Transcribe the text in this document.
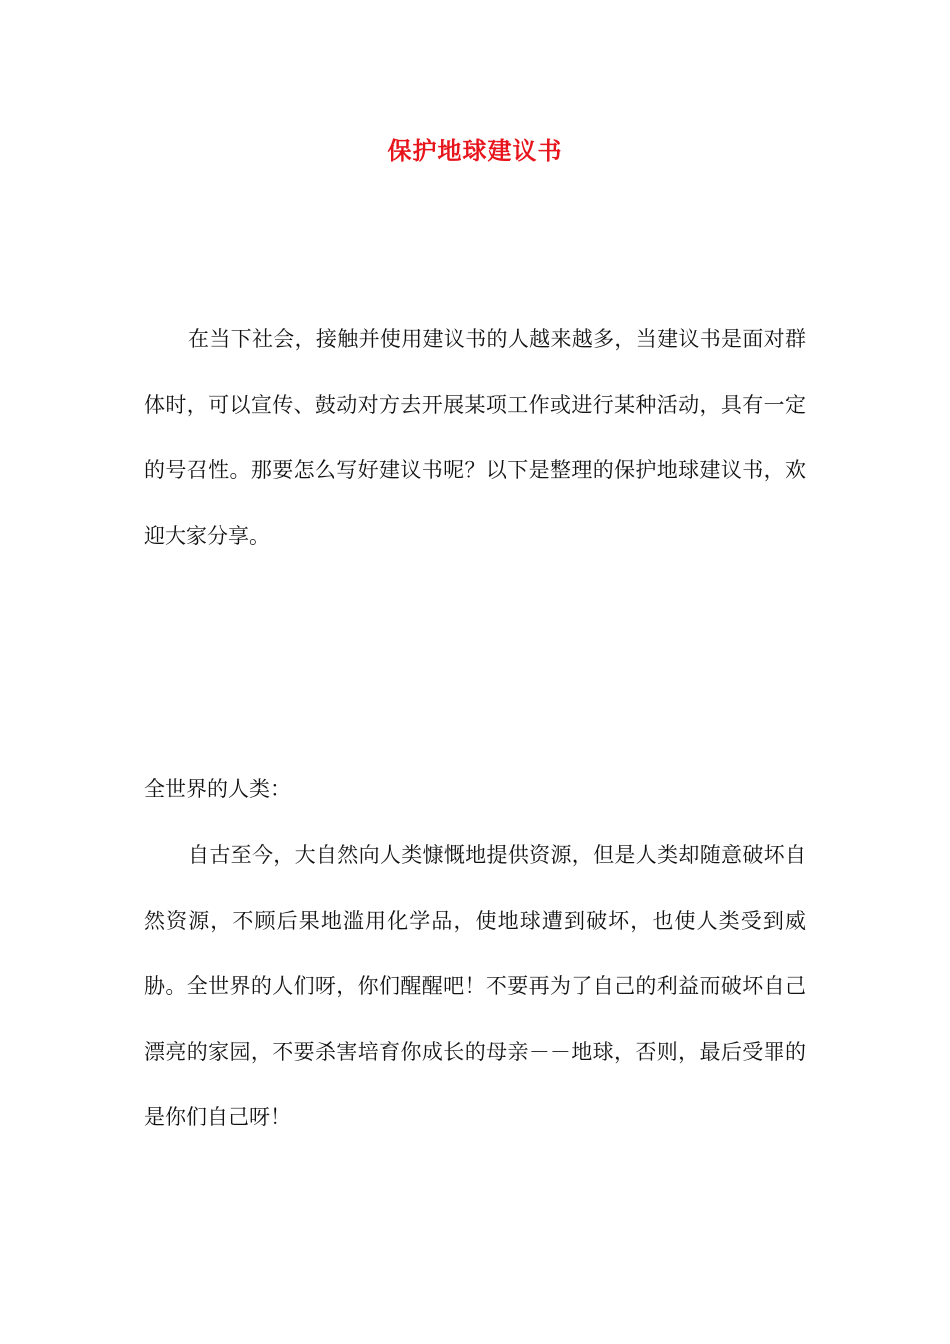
保护地球建议书

在当下社会，接触并使用建议书的人越来越多，当建议书是面对群体时，可以宣传、鼓动对方去开展某项工作或进行某种活动，具有一定的号召性。那要怎么写好建议书呢？以下是整理的保护地球建议书，欢迎大家分享。

全世界的人类：

自古至今，大自然向人类慷慨地提供资源，但是人类却随意破坏自然资源，不顾后果地滥用化学品，使地球遭到破坏，也使人类受到威胁。全世界的人们呀，你们醒醒吧！不要再为了自己的利益而破坏自己漂亮的家园，不要杀害培育你成长的母亲－－地球，否则，最后受罪的是你们自己呀！
